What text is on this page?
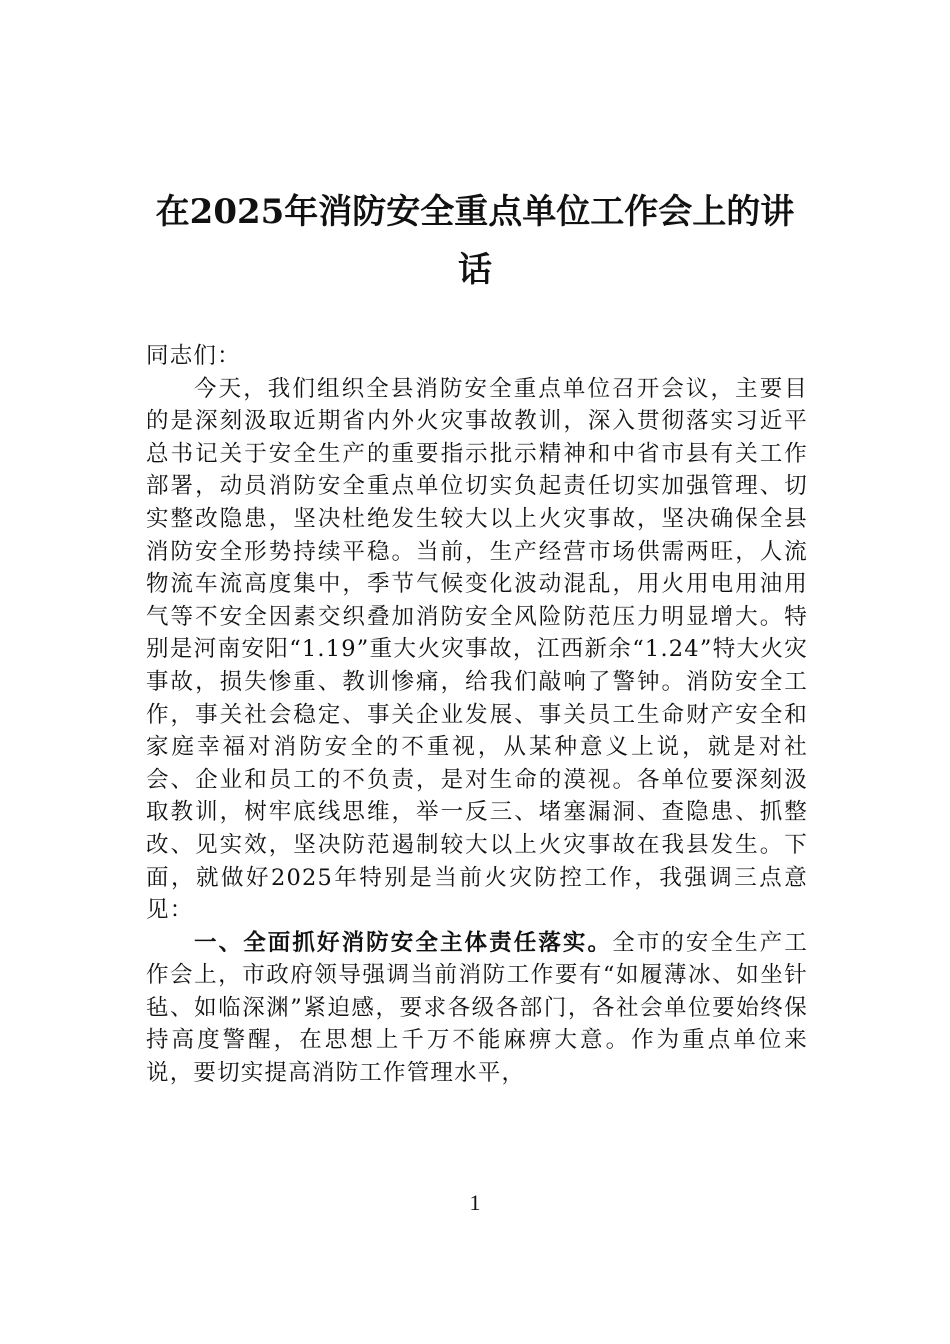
在2025年消防安全重点单位工作会上的讲话

同志们：

今天，我们组织全县消防安全重点单位召开会议，主要目的是深刻汲取近期省内外火灾事故教训，深入贯彻落实习近平总书记关于安全生产的重要指示批示精神和中省市县有关工作部署，动员消防安全重点单位切实负起责任切实加强管理、切实整改隐患，坚决杜绝发生较大以上火灾事故，坚决确保全县消防安全形势持续平稳。当前，生产经营市场供需两旺，人流物流车流高度集中，季节气候变化波动混乱，用火用电用油用气等不安全因素交织叠加消防安全风险防范压力明显增大。特别是河南安阳“1.19”重大火灾事故，江西新余“1.24”特大火灾事故，损失惨重、教训惨痛，给我们敲响了警钟。消防安全工作，事关社会稳定、事关企业发展、事关员工生命财产安全和家庭幸福对消防安全的不重视，从某种意义上说，就是对社会、企业和员工的不负责，是对生命的漠视。各单位要深刻汲取教训，树牢底线思维，举一反三、堵塞漏洞、查隐患、抓整改、见实效，坚决防范遏制较大以上火灾事故在我县发生。下面，就做好2025年特别是当前火灾防控工作，我强调三点意见：

一、全面抓好消防安全主体责任落实。全市的安全生产工作会上，市政府领导强调当前消防工作要有“如履薄冰、如坐针毡、如临深渊”紧迫感，要求各级各部门，各社会单位要始终保持高度警醒，在思想上千万不能麻痹大意。作为重点单位来说，要切实提高消防工作管理水平，

1
